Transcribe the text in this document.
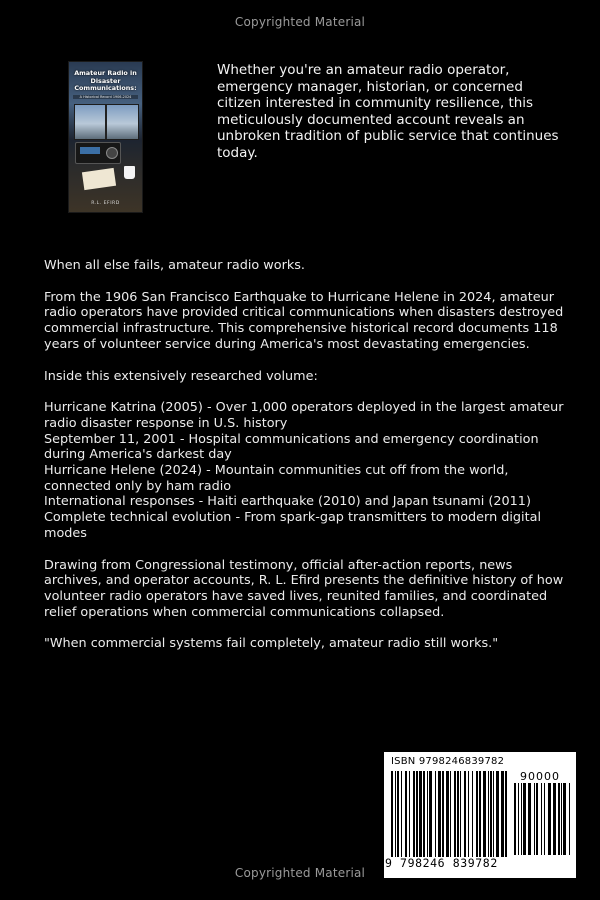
Copyrighted Material
Amateur Radio in Disaster Communications:
A Historical Record 1906-2024
R.L. EFIRD
Whether you're an amateur radio operator, emergency manager, historian, or concerned citizen interested in community resilience, this meticulously documented account reveals an unbroken tradition of public service that continues today.

When all else fails, amateur radio works.

From the 1906 San Francisco Earthquake to Hurricane Helene in 2024, amateur radio operators have provided critical communications when disasters destroyed commercial infrastructure. This comprehensive historical record documents 118 years of volunteer service during America's most devastating emergencies.

Inside this extensively researched volume:

Hurricane Katrina (2005) - Over 1,000 operators deployed in the largest amateur radio disaster response in U.S. history
September 11, 2001 - Hospital communications and emergency coordination during America's darkest day
Hurricane Helene (2024) - Mountain communities cut off from the world, connected only by ham radio
International responses - Haiti earthquake (2010) and Japan tsunami (2011)
Complete technical evolution - From spark-gap transmitters to modern digital modes

Drawing from Congressional testimony, official after-action reports, news archives, and operator accounts, R. L. Efird presents the definitive history of how volunteer radio operators have saved lives, reunited families, and coordinated relief operations when commercial communications collapsed.

"When commercial systems fail completely, amateur radio still works."

ISBN 9798246839782
90000
9 798246 839782
Copyrighted Material
